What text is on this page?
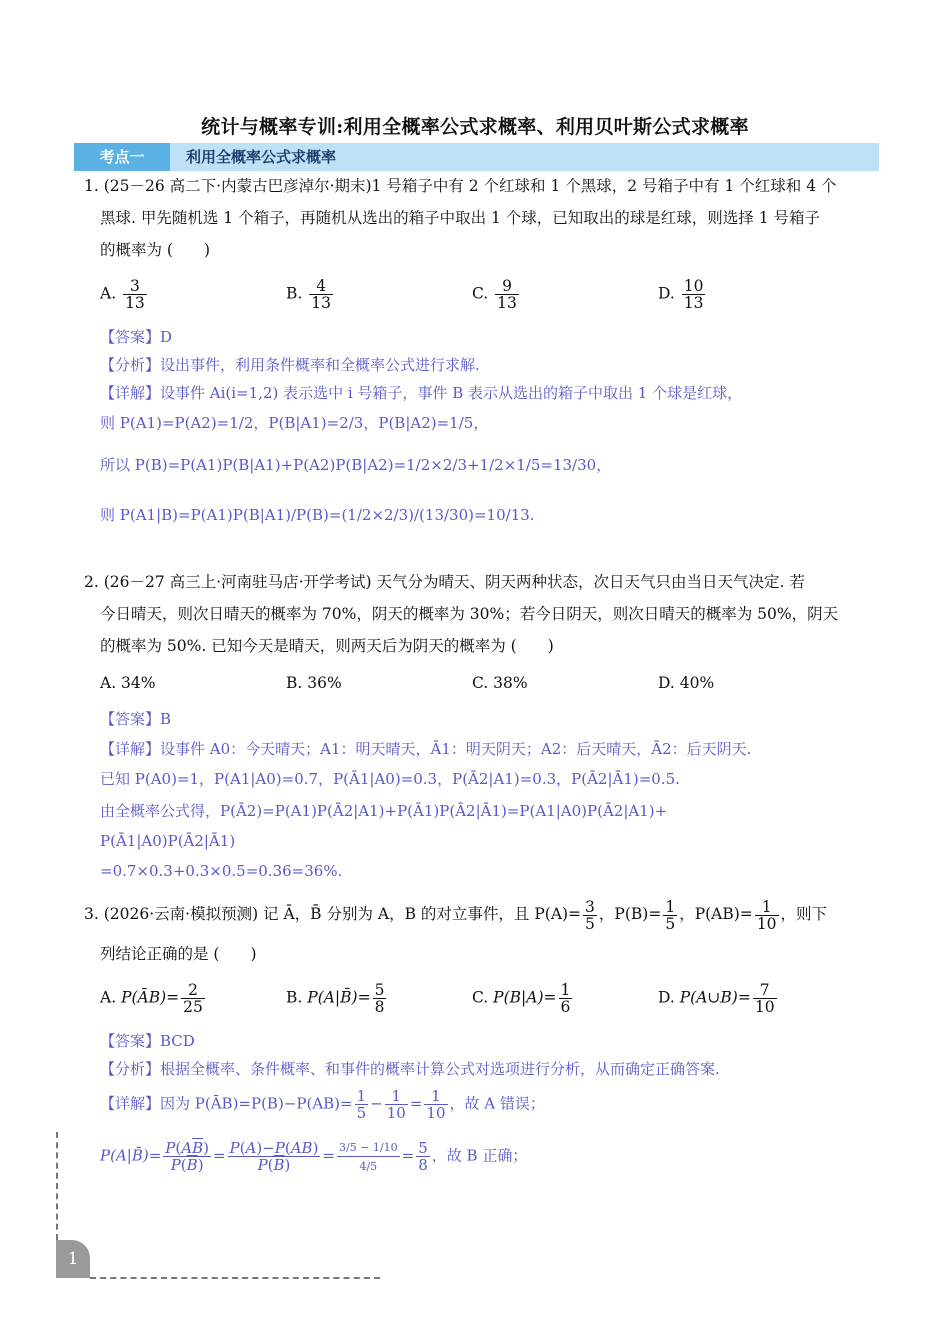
统计与概率专训:利用全概率公式求概率、利用贝叶斯公式求概率
考点一	利用全概率公式求概率
1. (25－26 高二下·内蒙古巴彦淖尔·期末)1 号箱子中有 2 个红球和 1 个黑球，2 号箱子中有 1 个红球和 4 个
黑球. 甲先随机选 1 个箱子，再随机从选出的箱子中取出 1 个球，已知取出的球是红球，则选择 1 号箱子
的概率为 (　　)
A. $\frac{3}{13}$	B. $\frac{4}{13}$	C. $\frac{9}{13}$	D. $\frac{10}{13}$
【答案】D
【分析】设出事件，利用条件概率和全概率公式进行求解.
【详解】设事件 Ai(i=1,2) 表示选中 i 号箱子，事件 B 表示从选出的箱子中取出 1 个球是红球，
则 P(A1)=P(A2)=1/2，P(B|A1)=2/3，P(B|A2)=1/5，
所以 P(B)=P(A1)P(B|A1)+P(A2)P(B|A2)=1/2×2/3+1/2×1/5=13/30，
则 P(A1|B)=P(A1)P(B|A1)/P(B)=(1/2×2/3)/(13/30)=10/13.
2. (26－27 高三上·河南驻马店·开学考试) 天气分为晴天、阴天两种状态，次日天气只由当日天气决定. 若
今日晴天，则次日晴天的概率为 70%，阴天的概率为 30%；若今日阴天，则次日晴天的概率为 50%，阴天
的概率为 50%. 已知今天是晴天，则两天后为阴天的概率为 (　　)
A. 34%	B. 36%	C. 38%	D. 40%
【答案】B
【详解】设事件 A0：今天晴天；A1：明天晴天，Ā1：明天阴天；A2：后天晴天，Ā2：后天阴天.
已知 P(A0)=1，P(A1|A0)=0.7，P(Ā1|A0)=0.3，P(Ā2|A1)=0.3，P(Ā2|Ā1)=0.5.
由全概率公式得，P(Ā2)=P(A1)P(Ā2|A1)+P(Ā1)P(Ā2|Ā1)=P(A1|A0)P(Ā2|A1)+
P(Ā1|A0)P(Ā2|Ā1)
=0.7×0.3+0.3×0.5=0.36=36%.
3. (2026·云南·模拟预测) 记 Ā，B̄ 分别为 A，B 的对立事件，且 $P(A)= \frac{3}{5}$ ，$P(B)= \frac{1}{5}$ ，$P(AB)= \frac{1}{10}$ ，则下
列结论正确的是 (　　)
A. P(ĀB)= $\frac{2}{25}$	B. P(A|B̄)= $\frac{5}{8}$	C. $P(B|A)= \frac{1}{6}$	D. P(A∪B)= $\frac{7}{10}$
【答案】BCD
【分析】根据全概率、条件概率、和事件的概率计算公式对选项进行分析，从而确定正确答案.
【详解】因为 P(ĀB)=P(B)−P(AB)= $\frac{1}{5} - \frac{1}{10} = \frac{1}{10}$ ，故 A 错误；
P(A|B̄)= $\frac{P(A\overline{B})}{P(\overline{B})} = \frac{P(A)-P(AB)}{P(\overline{B})} = \frac{3/5 - 1/10}{4/5} = \frac{5}{8}$ ，故 B 正确；
1
